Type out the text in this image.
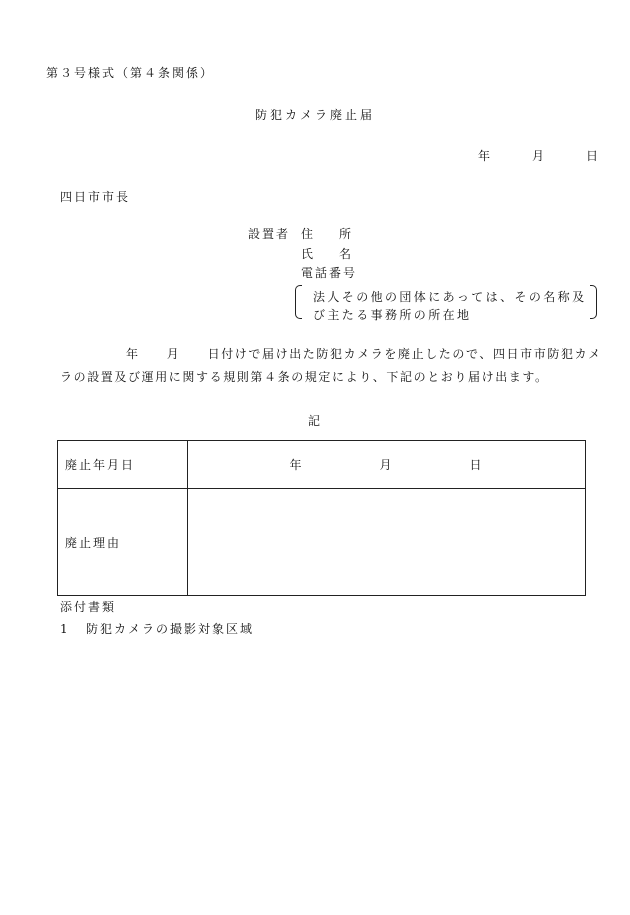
第３号様式（第４条関係）
防犯カメラ廃止届
年	月	日
四日市市長
設置者 住 所
氏 名
電話番号
法人その他の団体にあっては、その名称及び主たる事務所の所在地
年　　月　　日付けで届け出た防犯カメラを廃止したので、四日市市防犯カメラの設置及び運用に関する規則第４条の規定により、下記のとおり届け出ます。
記
廃止年月日	年 月 日

廃止理由	
添付書類
1 防犯カメラの撮影対象区域
